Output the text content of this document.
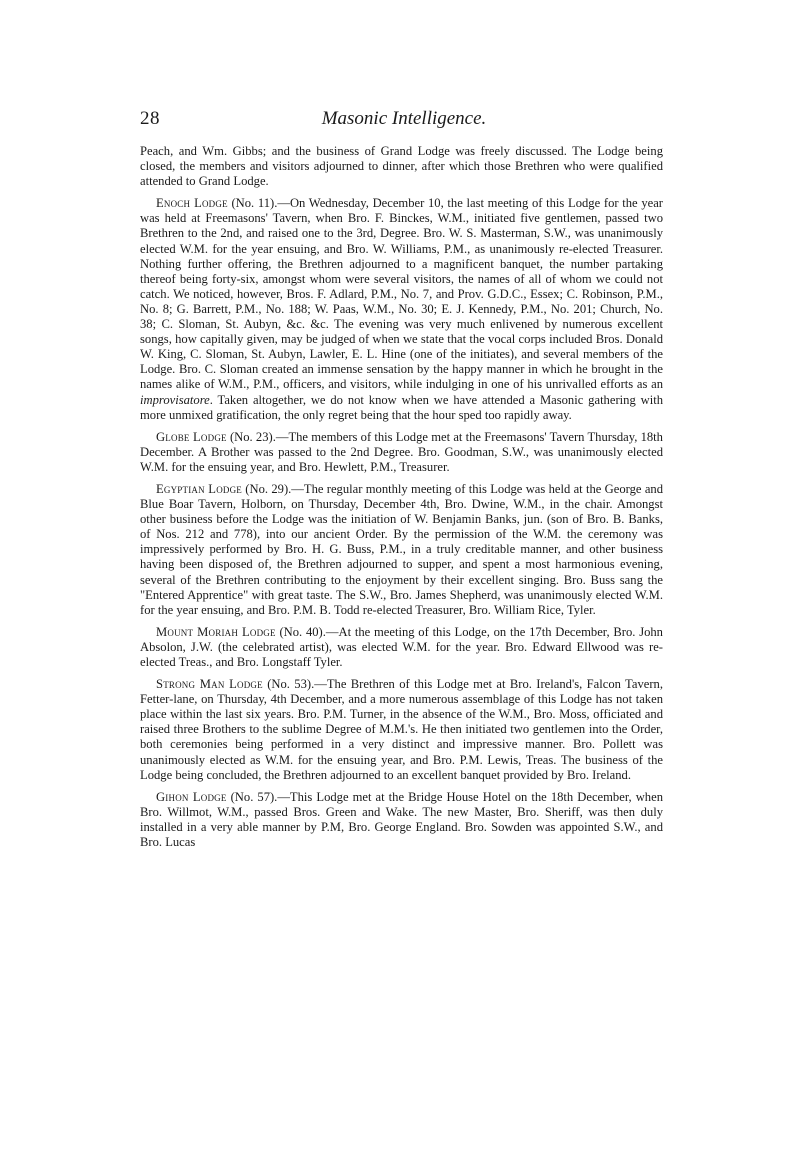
28	Masonic Intelligence.

Peach, and Wm. Gibbs; and the business of Grand Lodge was freely discussed. The Lodge being closed, the members and visitors adjourned to dinner, after which those Brethren who were qualified attended to Grand Lodge.

Enoch Lodge (No. 11).—On Wednesday, December 10, the last meeting of this Lodge for the year was held at Freemasons' Tavern, when Bro. F. Binckes, W.M., initiated five gentlemen, passed two Brethren to the 2nd, and raised one to the 3rd, Degree. Bro. W. S. Masterman, S.W., was unanimously elected W.M. for the year ensuing, and Bro. W. Williams, P.M., as unanimously re-elected Treasurer. Nothing further offering, the Brethren adjourned to a magnificent banquet, the number partaking thereof being forty-six, amongst whom were several visitors, the names of all of whom we could not catch. We noticed, however, Bros. F. Adlard, P.M., No. 7, and Prov. G.D.C., Essex; C. Robinson, P.M., No. 8; G. Barrett, P.M., No. 188; W. Paas, W.M., No. 30; E. J. Kennedy, P.M., No. 201; Church, No. 38; C. Sloman, St. Aubyn, &c. &c. The evening was very much enlivened by numerous excellent songs, how capitally given, may be judged of when we state that the vocal corps included Bros. Donald W. King, C. Sloman, St. Aubyn, Lawler, E. L. Hine (one of the initiates), and several members of the Lodge. Bro. C. Sloman created an immense sensation by the happy manner in which he brought in the names alike of W.M., P.M., officers, and visitors, while indulging in one of his unrivalled efforts as an improvisatore. Taken altogether, we do not know when we have attended a Masonic gathering with more unmixed gratification, the only regret being that the hour sped too rapidly away.

Globe Lodge (No. 23).—The members of this Lodge met at the Freemasons' Tavern Thursday, 18th December. A Brother was passed to the 2nd Degree. Bro. Goodman, S.W., was unanimously elected W.M. for the ensuing year, and Bro. Hewlett, P.M., Treasurer.

Egyptian Lodge (No. 29).—The regular monthly meeting of this Lodge was held at the George and Blue Boar Tavern, Holborn, on Thursday, December 4th, Bro. Dwine, W.M., in the chair. Amongst other business before the Lodge was the initiation of W. Benjamin Banks, jun. (son of Bro. B. Banks, of Nos. 212 and 778), into our ancient Order. By the permission of the W.M. the ceremony was impressively performed by Bro. H. G. Buss, P.M., in a truly creditable manner, and other business having been disposed of, the Brethren adjourned to supper, and spent a most harmonious evening, several of the Brethren contributing to the enjoyment by their excellent singing. Bro. Buss sang the "Entered Apprentice" with great taste. The S.W., Bro. James Shepherd, was unanimously elected W.M. for the year ensuing, and Bro. P.M. B. Todd re-elected Treasurer, Bro. William Rice, Tyler.

Mount Moriah Lodge (No. 40).—At the meeting of this Lodge, on the 17th December, Bro. John Absolon, J.W. (the celebrated artist), was elected W.M. for the year. Bro. Edward Ellwood was re-elected Treas., and Bro. Longstaff Tyler.

Strong Man Lodge (No. 53).—The Brethren of this Lodge met at Bro. Ireland's, Falcon Tavern, Fetter-lane, on Thursday, 4th December, and a more numerous assemblage of this Lodge has not taken place within the last six years. Bro. P.M. Turner, in the absence of the W.M., Bro. Moss, officiated and raised three Brothers to the sublime Degree of M.M.'s. He then initiated two gentlemen into the Order, both ceremonies being performed in a very distinct and impressive manner. Bro. Pollett was unanimously elected as W.M. for the ensuing year, and Bro. P.M. Lewis, Treas. The business of the Lodge being concluded, the Brethren adjourned to an excellent banquet provided by Bro. Ireland.

Gihon Lodge (No. 57).—This Lodge met at the Bridge House Hotel on the 18th December, when Bro. Willmot, W.M., passed Bros. Green and Wake. The new Master, Bro. Sheriff, was then duly installed in a very able manner by P.M, Bro. George England. Bro. Sowden was appointed S.W., and Bro. Lucas
